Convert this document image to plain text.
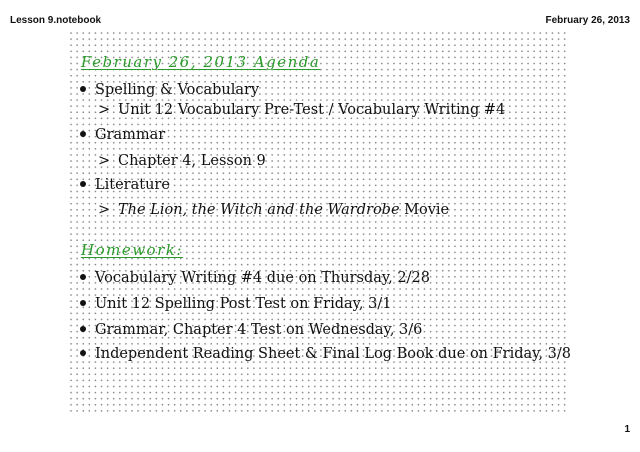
Lesson 9.notebook	February 26, 2013
February 26, 2013 Agenda
Spelling & Vocabulary
> Unit 12 Vocabulary Pre-Test / Vocabulary Writing #4
Grammar
> Chapter 4, Lesson 9
Literature
> The Lion, the Witch and the Wardrobe Movie
Homework:
Vocabulary Writing #4 due on Thursday, 2/28
Unit 12 Spelling Post Test on Friday, 3/1
Grammar, Chapter 4 Test on Wednesday, 3/6
Independent Reading Sheet & Final Log Book due on Friday, 3/8
1
